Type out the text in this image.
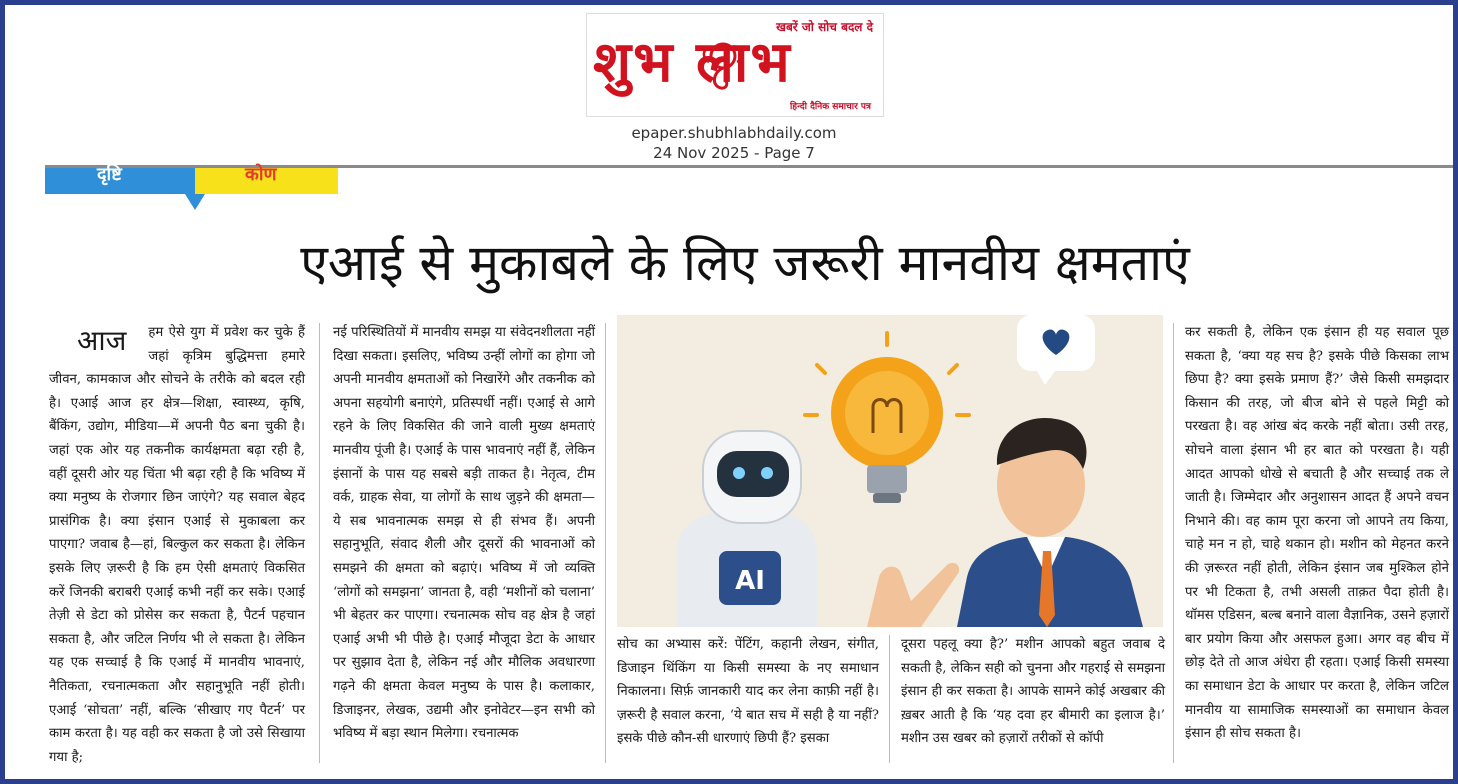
खबरें जो सोच बदल दे
शुभ लाभ
हिन्दी दैनिक समाचार पत्र
epaper.shubhlabhdaily.com
24 Nov 2025 - Page 7
दृष्टि	कोण
एआई से मुकाबले के लिए जरूरी मानवीय क्षमताएं

आज हम ऐसे युग में प्रवेश कर चुके हैं जहां कृत्रिम बुद्धिमत्ता हमारे जीवन, कामकाज और सोचने के तरीके को बदल रही है। एआई आज हर क्षेत्र—शिक्षा, स्वास्थ्य, कृषि, बैंकिंग, उद्योग, मीडिया—में अपनी पैठ बना चुकी है। जहां एक ओर यह तकनीक कार्यक्षमता बढ़ा रही है, वहीं दूसरी ओर यह चिंता भी बढ़ा रही है कि भविष्य में क्या मनुष्य के रोजगार छिन जाएंगे? यह सवाल बेहद प्रासंगिक है। क्या इंसान एआई से मुकाबला कर पाएगा? जवाब है—हां, बिल्कुल कर सकता है। लेकिन इसके लिए ज़रूरी है कि हम ऐसी क्षमताएं विकसित करें जिनकी बराबरी एआई कभी नहीं कर सके। एआई तेज़ी से डेटा को प्रोसेस कर सकता है, पैटर्न पहचान सकता है, और जटिल निर्णय भी ले सकता है। लेकिन यह एक सच्चाई है कि एआई में मानवीय भावनाएं, नैतिकता, रचनात्मकता और सहानुभूति नहीं होती। एआई ‘सोचता’ नहीं, बल्कि ‘सीखाए गए पैटर्न’ पर काम करता है। यह वही कर सकता है जो उसे सिखाया गया है;

नई परिस्थितियों में मानवीय समझ या संवेदनशीलता नहीं दिखा सकता। इसलिए, भविष्य उन्हीं लोगों का होगा जो अपनी मानवीय क्षमताओं को निखारेंगे और तकनीक को अपना सहयोगी बनाएंगे, प्रतिस्पर्धी नहीं। एआई से आगे रहने के लिए विकसित की जाने वाली मुख्य क्षमताएं मानवीय पूंजी है। एआई के पास भावनाएं नहीं हैं, लेकिन इंसानों के पास यह सबसे बड़ी ताकत है। नेतृत्व, टीम वर्क, ग्राहक सेवा, या लोगों के साथ जुड़ने की क्षमता—ये सब भावनात्मक समझ से ही संभव हैं। अपनी सहानुभूति, संवाद शैली और दूसरों की भावनाओं को समझने की क्षमता को बढ़ाएं। भविष्य में जो व्यक्ति ‘लोगों को समझना’ जानता है, वही ‘मशीनों को चलाना’ भी बेहतर कर पाएगा। रचनात्मक सोच वह क्षेत्र है जहां एआई अभी भी पीछे है। एआई मौजूदा डेटा के आधार पर सुझाव देता है, लेकिन नई और मौलिक अवधारणा गढ़ने की क्षमता केवल मनुष्य के पास है। कलाकार, डिजाइनर, लेखक, उद्यमी और इनोवेटर—इन सभी को भविष्य में बड़ा स्थान मिलेगा। रचनात्मक

AI

सोच का अभ्यास करें: पेंटिंग, कहानी लेखन, संगीत, डिजाइन थिंकिंग या किसी समस्या के नए समाधान निकालना। सिर्फ़ जानकारी याद कर लेना काफ़ी नहीं है। ज़रूरी है सवाल करना, ‘ये बात सच में सही है या नहीं? इसके पीछे कौन-सी धारणाएं छिपी हैं? इसका

दूसरा पहलू क्या है?’ मशीन आपको बहुत जवाब दे सकती है, लेकिन सही को चुनना और गहराई से समझना इंसान ही कर सकता है। आपके सामने कोई अखबार की ख़बर आती है कि ‘यह दवा हर बीमारी का इलाज है।’ मशीन उस खबर को हज़ारों तरीकों से कॉपी

कर सकती है, लेकिन एक इंसान ही यह सवाल पूछ सकता है, ‘क्या यह सच है? इसके पीछे किसका लाभ छिपा है? क्या इसके प्रमाण हैं?’ जैसे किसी समझदार किसान की तरह, जो बीज बोने से पहले मिट्टी को परखता है। वह आंख बंद करके नहीं बोता। उसी तरह, सोचने वाला इंसान भी हर बात को परखता है। यही आदत आपको धोखे से बचाती है और सच्चाई तक ले जाती है। जिम्मेदार और अनुशासन आदत हैं अपने वचन निभाने की। वह काम पूरा करना जो आपने तय किया, चाहे मन न हो, चाहे थकान हो। मशीन को मेहनत करने की ज़रूरत नहीं होती, लेकिन इंसान जब मुश्किल होने पर भी टिकता है, तभी असली ताक़त पैदा होती है। थॉमस एडिसन, बल्ब बनाने वाला वैज्ञानिक, उसने हज़ारों बार प्रयोग किया और असफल हुआ। अगर वह बीच में छोड़ देते तो आज अंधेरा ही रहता। एआई किसी समस्या का समाधान डेटा के आधार पर करता है, लेकिन जटिल मानवीय या सामाजिक समस्याओं का समाधान केवल इंसान ही सोच सकता है।
